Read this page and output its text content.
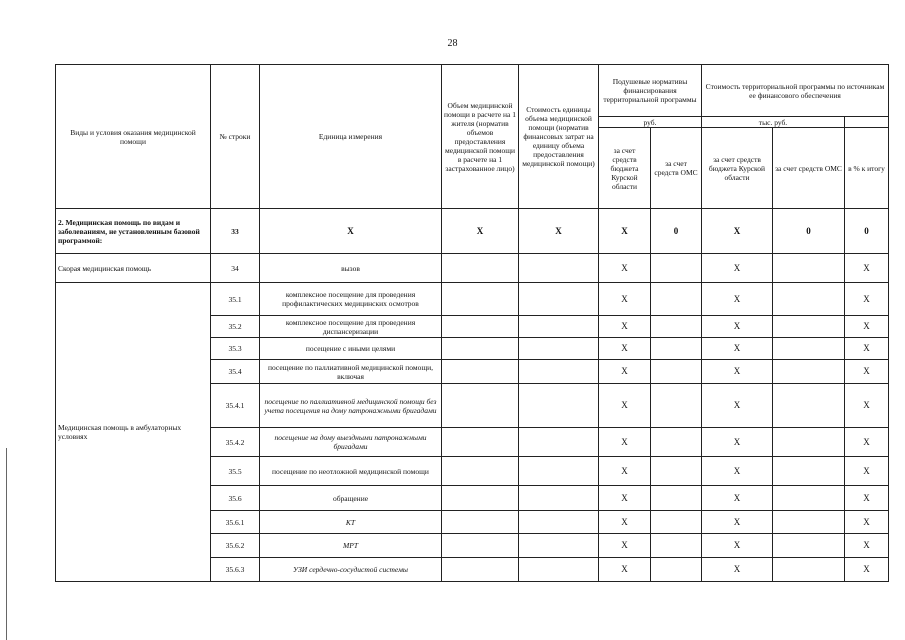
28
Виды и условия оказания медицинской помощи	№ строки	Единица измерения	Объем медицинской помощи в расчете на 1 жителя (норматив объемов предоставления медицинской помощи в расчете на 1 застрахованное лицо)	Стоимость единицы объема медицинской помощи (норматив финансовых затрат на единицу объема предоставления медицинской помощи)	Подушевые нормативы финансирования территориальной программы		Стоимость территориальной программы по источникам ее финансового обеспечения		
					руб.		тыс. руб.		
					за счет средств бюджета Курской области	за счет средств ОМС	за счет средств бюджета Курской области	за счет средств ОМС	в % к итогу
2. Медицинская помощь по видам и заболеваниям, не установленным базовой программой:	33	X	X	X	X	0	X	0	0
Скорая медицинская помощь	34	вызов			X		X		X
Медицинская помощь в амбулаторных условиях	35.1	комплексное посещение для проведения профилактических медицинских осмотров			X		X		X
	35.2	комплексное посещение для проведения диспансеризации			X		X		X
	35.3	посещение с иными целями			X		X		X
	35.4	посещение по паллиативной медицинской помощи, включая			X		X		X
	35.4.1	посещение по паллиативной медицинской помощи без учета посещения на дому патронажными бригадами			X		X		X
	35.4.2	посещение на дому выездными патронажными бригадами			X		X		X
	35.5	посещение по неотложной медицинской помощи			X		X		X
	35.6	обращение			X		X		X
	35.6.1	КТ			X		X		X
	35.6.2	МРТ			X		X		X
	35.6.3	УЗИ сердечно-сосудистой системы			X		X		X
